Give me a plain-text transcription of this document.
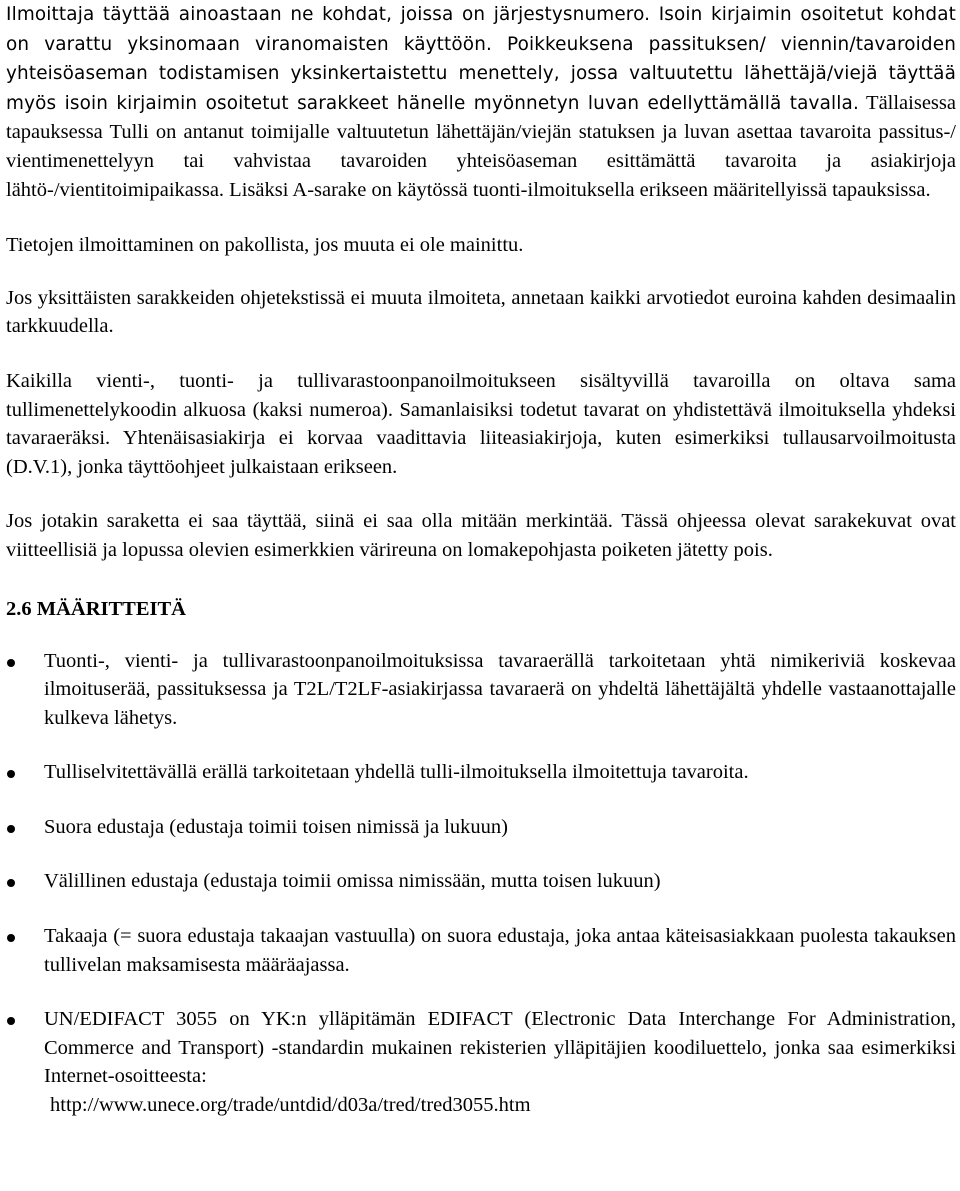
Ilmoittaja täyttää ainoastaan ne kohdat, joissa on järjestysnumero. Isoin kirjaimin osoitetut kohdat on varattu yksinomaan viranomaisten käyttöön. Poikkeuksena passituksen/ viennin/tavaroiden yhteisöaseman todistamisen yksinkertaistettu menettely, jossa valtuutettu lähettäjä/viejä täyttää myös isoin kirjaimin osoitetut sarakkeet hänelle myönnetyn luvan edellyttämällä tavalla. Tällaisessa tapauksessa Tulli on antanut toimijalle valtuutetun lähettäjän/viejän statuksen ja luvan asettaa tavaroita passitus-/ vientimenettelyyn tai vahvistaa tavaroiden yhteisöaseman esittämättä tavaroita ja asiakirjoja lähtö-/vientitoimipaikassa. Lisäksi A-sarake on käytössä tuonti-ilmoituksella erikseen määritellyissä tapauksissa.

Tietojen ilmoittaminen on pakollista, jos muuta ei ole mainittu.

Jos yksittäisten sarakkeiden ohjetekstissä ei muuta ilmoiteta, annetaan kaikki arvotiedot euroina kahden desimaalin tarkkuudella.

Kaikilla vienti-, tuonti- ja tullivarastoonpanoilmoitukseen sisältyvillä tavaroilla on oltava sama tullimenettelykoodin alkuosa (kaksi numeroa). Samanlaisiksi todetut tavarat on yhdistettävä ilmoituksella yhdeksi tavaraeräksi. Yhtenäisasiakirja ei korvaa vaadittavia liiteasiakirjoja, kuten esimerkiksi tullausarvoilmoitusta (D.V.1), jonka täyttöohjeet julkaistaan erikseen.

Jos jotakin saraketta ei saa täyttää, siinä ei saa olla mitään merkintää. Tässä ohjeessa olevat sarakekuvat ovat viitteellisiä ja lopussa olevien esimerkkien värireuna on lomakepohjasta poiketen jätetty pois.

2.6 MÄÄRITTEITÄ
Tuonti-, vienti- ja tullivarastoonpanoilmoituksissa tavaraerällä tarkoitetaan yhtä nimikeriviä koskevaa ilmoituserää, passituksessa ja T2L/T2LF-asiakirjassa tavaraerä on yhdeltä lähettäjältä yhdelle vastaanottajalle kulkeva lähetys.
Tulliselvitettävällä erällä tarkoitetaan yhdellä tulli-ilmoituksella ilmoitettuja tavaroita.
Suora edustaja (edustaja toimii toisen nimissä ja lukuun)
Välillinen edustaja (edustaja toimii omissa nimissään, mutta toisen lukuun)
Takaaja (= suora edustaja takaajan vastuulla) on suora edustaja, joka antaa käteisasiakkaan puolesta takauksen tullivelan maksamisesta määräajassa.
UN/EDIFACT 3055 on YK:n ylläpitämän EDIFACT (Electronic Data Interchange For Administration, Commerce and Transport) -standardin mukainen rekisterien ylläpitäjien koodiluettelo, jonka saa esimerkiksi Internet-osoitteesta:
http://www.unece.org/trade/untdid/d03a/tred/tred3055.htm
